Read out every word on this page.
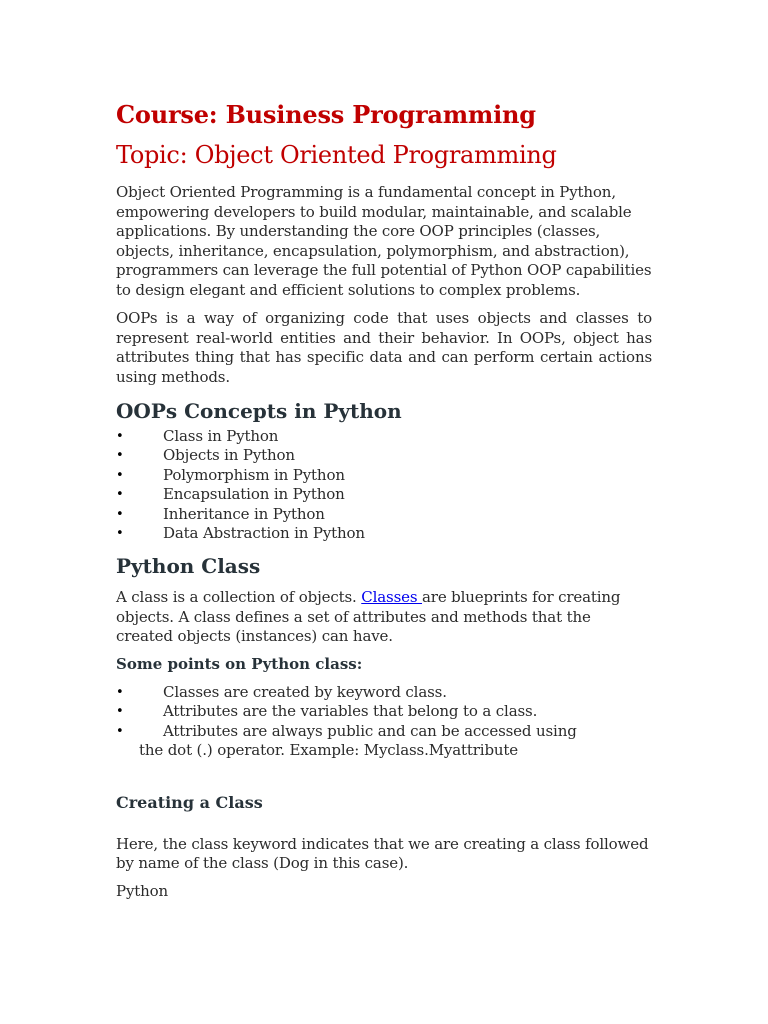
Course: Business Programming
Topic: Object Oriented Programming

Object Oriented Programming is a fundamental concept in Python, empowering developers to build modular, maintainable, and scalable applications. By understanding the core OOP principles (classes, objects, inheritance, encapsulation, polymorphism, and abstraction), programmers can leverage the full potential of Python OOP capabilities to design elegant and efficient solutions to complex problems.

OOPs is a way of organizing code that uses objects and classes to represent real-world entities and their behavior. In OOPs, object has attributes thing that has specific data and can perform certain actions using methods.

OOPs Concepts in Python
• Class in Python
• Objects in Python
• Polymorphism in Python
• Encapsulation in Python
• Inheritance in Python
• Data Abstraction in Python
Python Class

A class is a collection of objects. Classes are blueprints for creating objects. A class defines a set of attributes and methods that the created objects (instances) can have.

Some points on Python class:
• Classes are created by keyword class.
• Attributes are the variables that belong to a class.
• Attributes are always public and can be accessed using
the dot (.) operator. Example: Myclass.Myattribute
Creating a Class

Here, the class keyword indicates that we are creating a class followed by name of the class (Dog in this case).

Python
